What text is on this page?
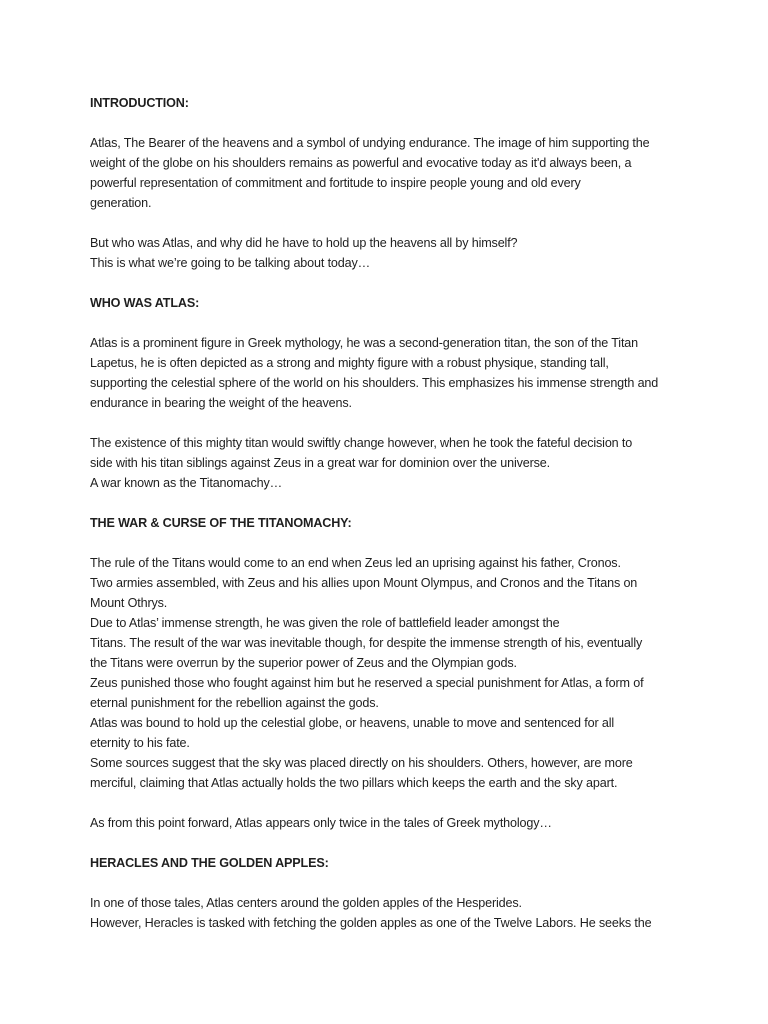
INTRODUCTION:

Atlas, The Bearer of the heavens and a symbol of undying endurance. The image of him supporting the
weight of the globe on his shoulders remains as powerful and evocative today as it'd always been, a
powerful representation of commitment and fortitude to inspire people young and old every
generation.

But who was Atlas, and why did he have to hold up the heavens all by himself?
This is what we’re going to be talking about today…

WHO WAS ATLAS:

Atlas is a prominent figure in Greek mythology, he was a second-generation titan, the son of the Titan
Lapetus, he is often depicted as a strong and mighty figure with a robust physique, standing tall,
supporting the celestial sphere of the world on his shoulders. This emphasizes his immense strength and
endurance in bearing the weight of the heavens.

The existence of this mighty titan would swiftly change however, when he took the fateful decision to
side with his titan siblings against Zeus in a great war for dominion over the universe.
A war known as the Titanomachy…

THE WAR & CURSE OF THE TITANOMACHY:

The rule of the Titans would come to an end when Zeus led an uprising against his father, Cronos.
Two armies assembled, with Zeus and his allies upon Mount Olympus, and Cronos and the Titans on
Mount Othrys.
Due to Atlas’ immense strength, he was given the role of battlefield leader amongst the
Titans. The result of the war was inevitable though, for despite the immense strength of his, eventually
the Titans were overrun by the superior power of Zeus and the Olympian gods.
Zeus punished those who fought against him but he reserved a special punishment for Atlas, a form of
eternal punishment for the rebellion against the gods.
Atlas was bound to hold up the celestial globe, or heavens, unable to move and sentenced for all
eternity to his fate.
Some sources suggest that the sky was placed directly on his shoulders. Others, however, are more
merciful, claiming that Atlas actually holds the two pillars which keeps the earth and the sky apart.

As from this point forward, Atlas appears only twice in the tales of Greek mythology…

HERACLES AND THE GOLDEN APPLES:

In one of those tales, Atlas centers around the golden apples of the Hesperides.
However, Heracles is tasked with fetching the golden apples as one of the Twelve Labors. He seeks the
